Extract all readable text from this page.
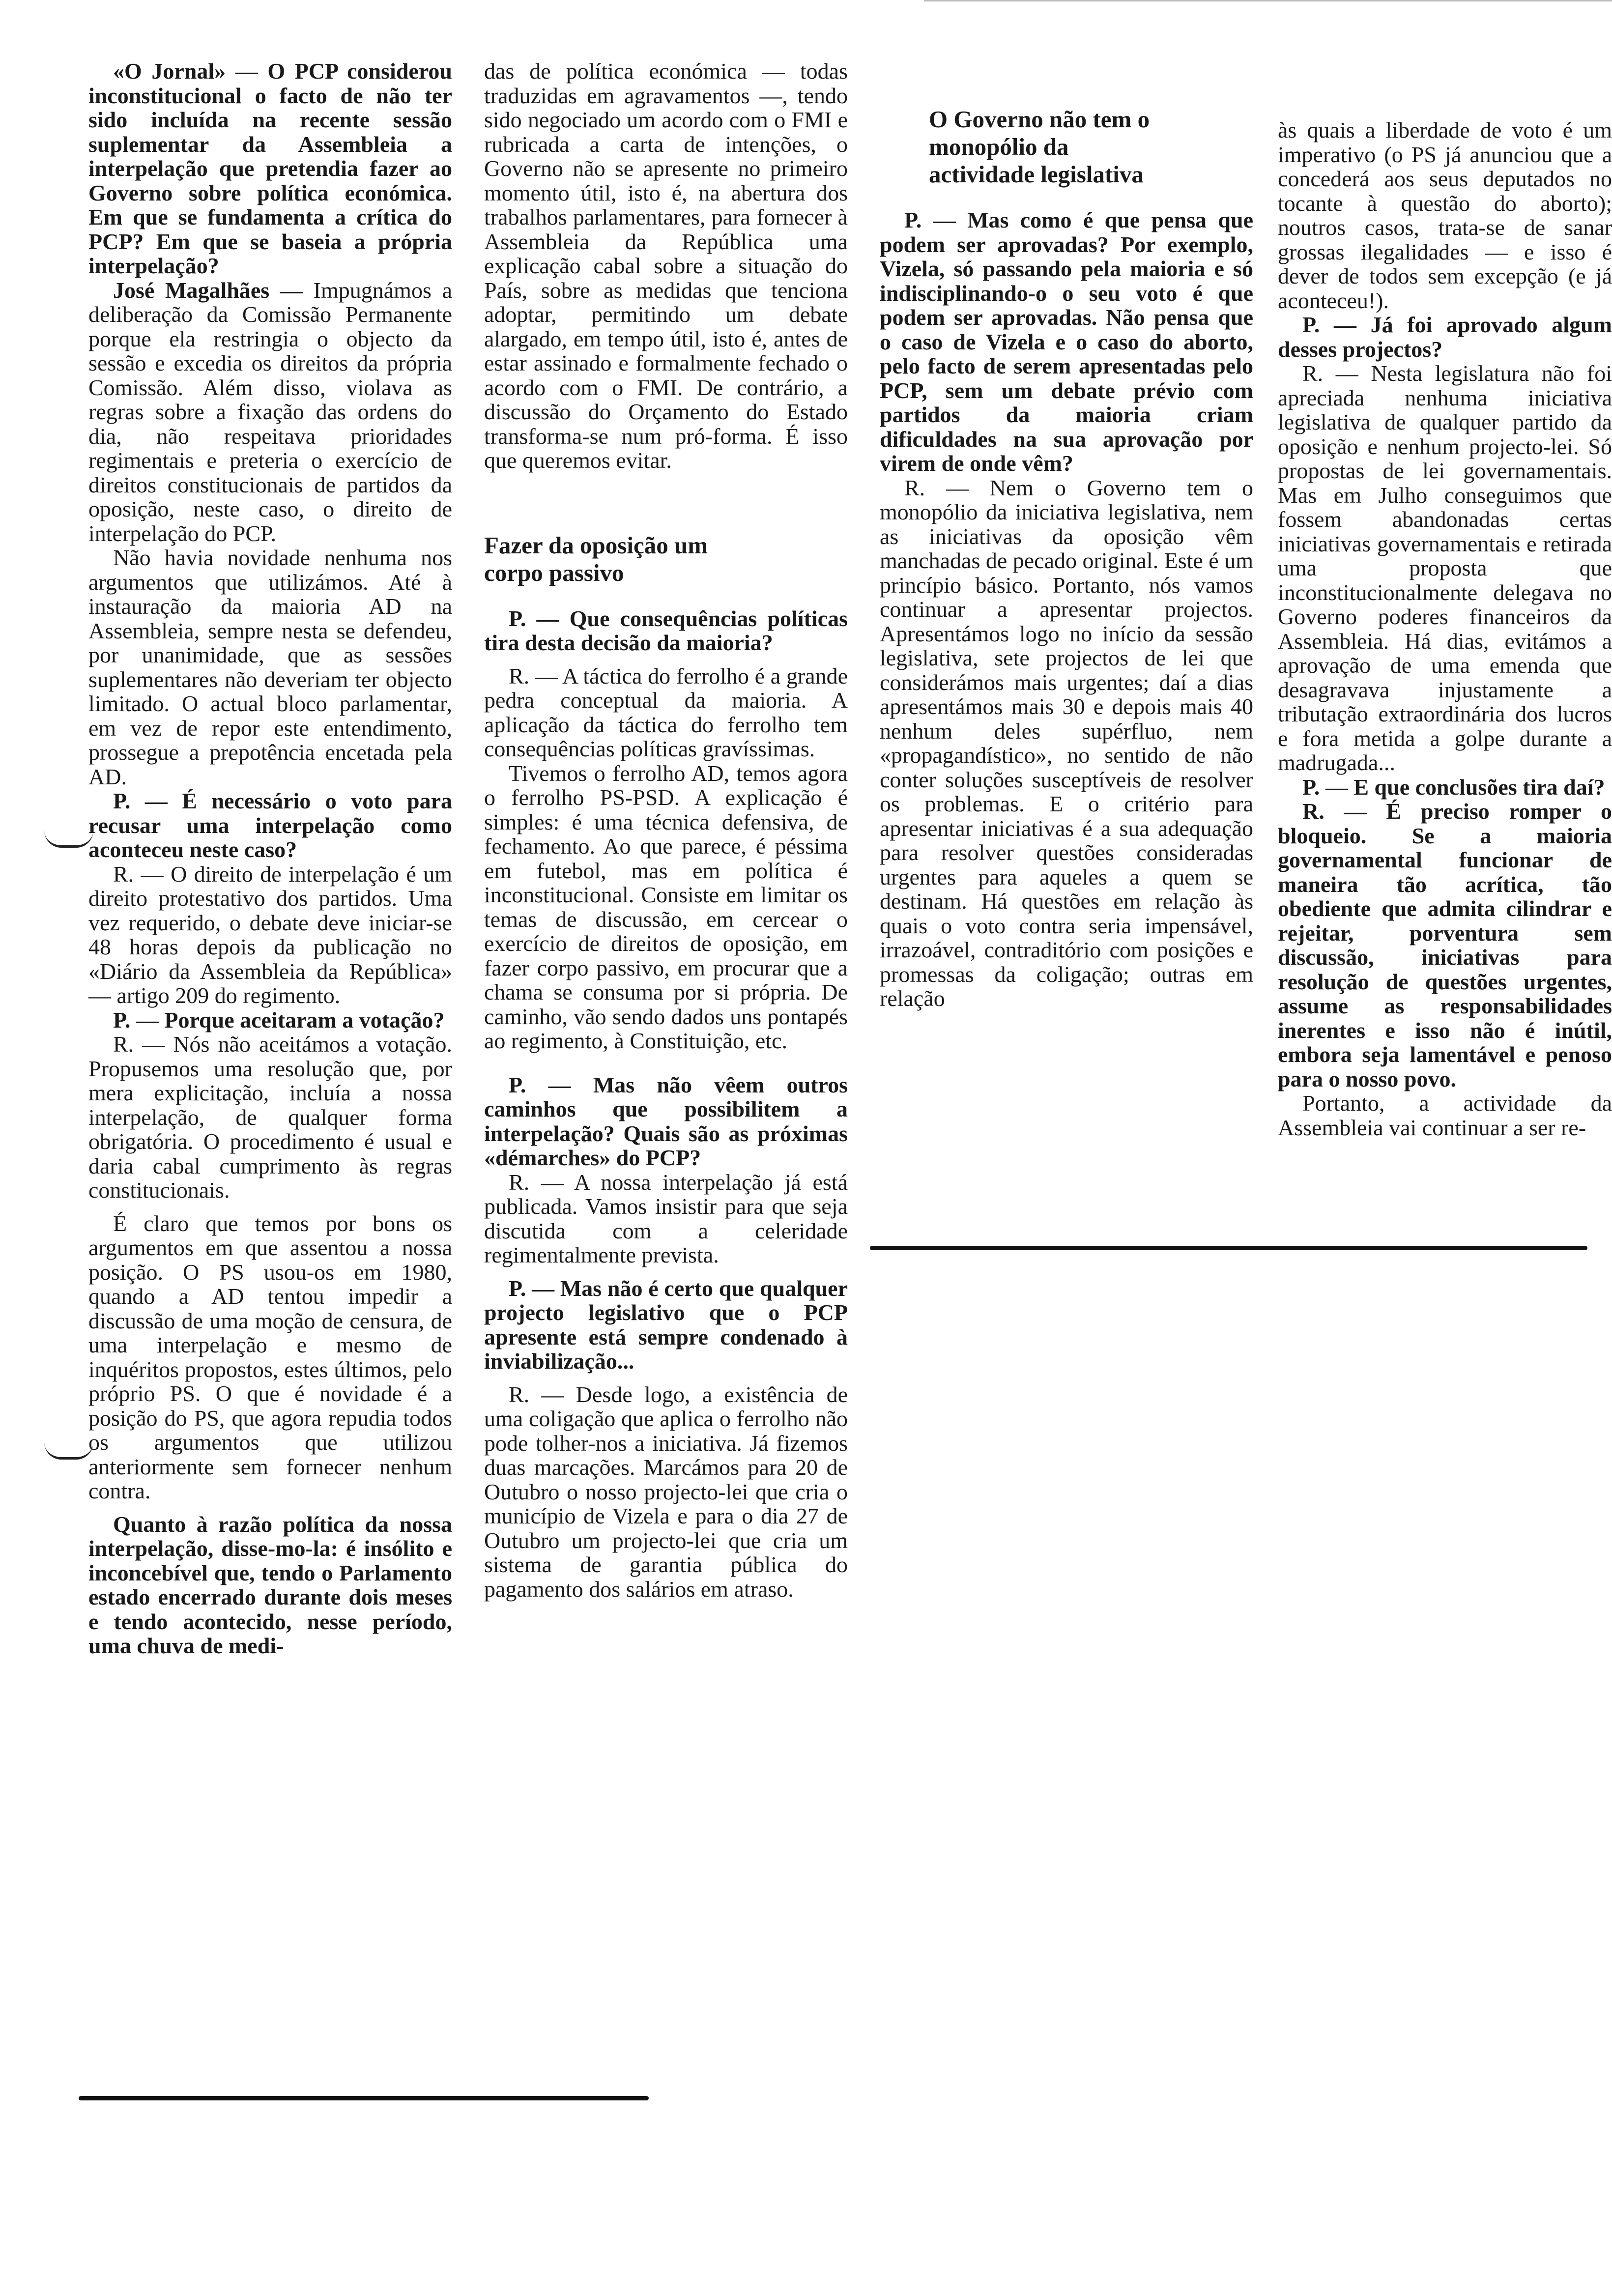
«O Jornal» — O PCP considerou inconstitucional o facto de não ter sido incluída na recente sessão suplementar da Assembleia a interpelação que pretendia fazer ao Governo sobre política económica. Em que se fundamenta a crítica do PCP? Em que se baseia a própria interpelação?

José Magalhães — Impugnámos a deliberação da Comissão Permanente porque ela restringia o objecto da sessão e excedia os direitos da própria Comissão. Além disso, violava as regras sobre a fixação das ordens do dia, não respeitava prioridades regimentais e preteria o exercício de direitos constitucionais de partidos da oposição, neste caso, o direito de interpelação do PCP.

Não havia novidade nenhuma nos argumentos que utilizámos. Até à instauração da maioria AD na Assembleia, sempre nesta se defendeu, por unanimidade, que as sessões suplementares não deveriam ter objecto limitado. O actual bloco parlamentar, em vez de repor este entendimento, prossegue a prepotência encetada pela AD.

P. — É necessário o voto para recusar uma interpelação como aconteceu neste caso?

R. — O direito de interpelação é um direito protestativo dos partidos. Uma vez requerido, o debate deve iniciar-se 48 horas depois da publicação no «Diário da Assembleia da República» — artigo 209 do regimento.

P. — Porque aceitaram a votação?

R. — Nós não aceitámos a votação. Propusemos uma resolução que, por mera explicitação, incluía a nossa interpelação, de qualquer forma obrigatória. O procedimento é usual e daria cabal cumprimento às regras constitucionais.

É claro que temos por bons os argumentos em que assentou a nossa posição. O PS usou-os em 1980, quando a AD tentou impedir a discussão de uma moção de censura, de uma interpelação e mesmo de inquéritos propostos, estes últimos, pelo próprio PS. O que é novidade é a posição do PS, que agora repudia todos os argumentos que utilizou anteriormente sem fornecer nenhum contra.

Quanto à razão política da nossa interpelação, disse-mo-la: é insólito e inconcebível que, tendo o Parlamento estado encerrado durante dois meses e tendo acontecido, nesse período, uma chuva de medi-

das de política económica — todas traduzidas em agravamentos —, tendo sido negociado um acordo com o FMI e rubricada a carta de intenções, o Governo não se apresente no primeiro momento útil, isto é, na abertura dos trabalhos parlamentares, para fornecer à Assembleia da República uma explicação cabal sobre a situação do País, sobre as medidas que tenciona adoptar, permitindo um debate alargado, em tempo útil, isto é, antes de estar assinado e formalmente fechado o acordo com o FMI. De contrário, a discussão do Orçamento do Estado transforma-se num pró-forma. É isso que queremos evitar.

Fazer da oposição um corpo passivo

P. — Que consequências políticas tira desta decisão da maioria?

R. — A táctica do ferrolho é a grande pedra conceptual da maioria. A aplicação da táctica do ferrolho tem consequências políticas gravíssimas.

Tivemos o ferrolho AD, temos agora o ferrolho PS-PSD. A explicação é simples: é uma técnica defensiva, de fechamento. Ao que parece, é péssima em futebol, mas em política é inconstitucional. Consiste em limitar os temas de discussão, em cercear o exercício de direitos de oposição, em fazer corpo passivo, em procurar que a chama se consuma por si própria. De caminho, vão sendo dados uns pontapés ao regimento, à Constituição, etc.

P. — Mas não vêem outros caminhos que possibilitem a interpelação? Quais são as próximas «démarches» do PCP?

R. — A nossa interpelação já está publicada. Vamos insistir para que seja discutida com a celeridade regimentalmente prevista.

P. — Mas não é certo que qualquer projecto legislativo que o PCP apresente está sempre condenado à inviabilização...

R. — Desde logo, a existência de uma coligação que aplica o ferrolho não pode tolher-nos a iniciativa. Já fizemos duas marcações. Marcámos para 20 de Outubro o nosso projecto-lei que cria o município de Vizela e para o dia 27 de Outubro um projecto-lei que cria um sistema de garantia pública do pagamento dos salários em atraso.

O Governo não tem o monopólio da actividade legislativa

P. — Mas como é que pensa que podem ser aprovadas? Por exemplo, Vizela, só passando pela maioria e só indisciplinando-o o seu voto é que podem ser aprovadas. Não pensa que o caso de Vizela e o caso do aborto, pelo facto de serem apresentadas pelo PCP, sem um debate prévio com partidos da maioria criam dificuldades na sua aprovação por virem de onde vêm?

R. — Nem o Governo tem o monopólio da iniciativa legislativa, nem as iniciativas da oposição vêm manchadas de pecado original. Este é um princípio básico. Portanto, nós vamos continuar a apresentar projectos. Apresentámos logo no início da sessão legislativa, sete projectos de lei que considerámos mais urgentes; daí a dias apresentámos mais 30 e depois mais 40 nenhum deles supérfluo, nem «propagandístico», no sentido de não conter soluções susceptíveis de resolver os problemas. E o critério para apresentar iniciativas é a sua adequação para resolver questões consideradas urgentes para aqueles a quem se destinam. Há questões em relação às quais o voto contra seria impensável, irrazoável, contraditório com posições e promessas da coligação; outras em relação

às quais a liberdade de voto é um imperativo (o PS já anunciou que a concederá aos seus deputados no tocante à questão do aborto); noutros casos, trata-se de sanar grossas ilegalidades — e isso é dever de todos sem excepção (e já aconteceu!).

P. — Já foi aprovado algum desses projectos?

R. — Nesta legislatura não foi apreciada nenhuma iniciativa legislativa de qualquer partido da oposição e nenhum projecto-lei. Só propostas de lei governamentais. Mas em Julho conseguimos que fossem abandonadas certas iniciativas governamentais e retirada uma proposta que inconstitucionalmente delegava no Governo poderes financeiros da Assembleia. Há dias, evitámos a aprovação de uma emenda que desagravava injustamente a tributação extraordinária dos lucros e fora metida a golpe durante a madrugada...

P. — E que conclusões tira daí?

R. — É preciso romper o bloqueio. Se a maioria governamental funcionar de maneira tão acrítica, tão obediente que admita cilindrar e rejeitar, porventura sem discussão, iniciativas para resolução de questões urgentes, assume as responsabilidades inerentes e isso não é inútil, embora seja lamentável e penoso para o nosso povo.

Portanto, a actividade da Assembleia vai continuar a ser re-
